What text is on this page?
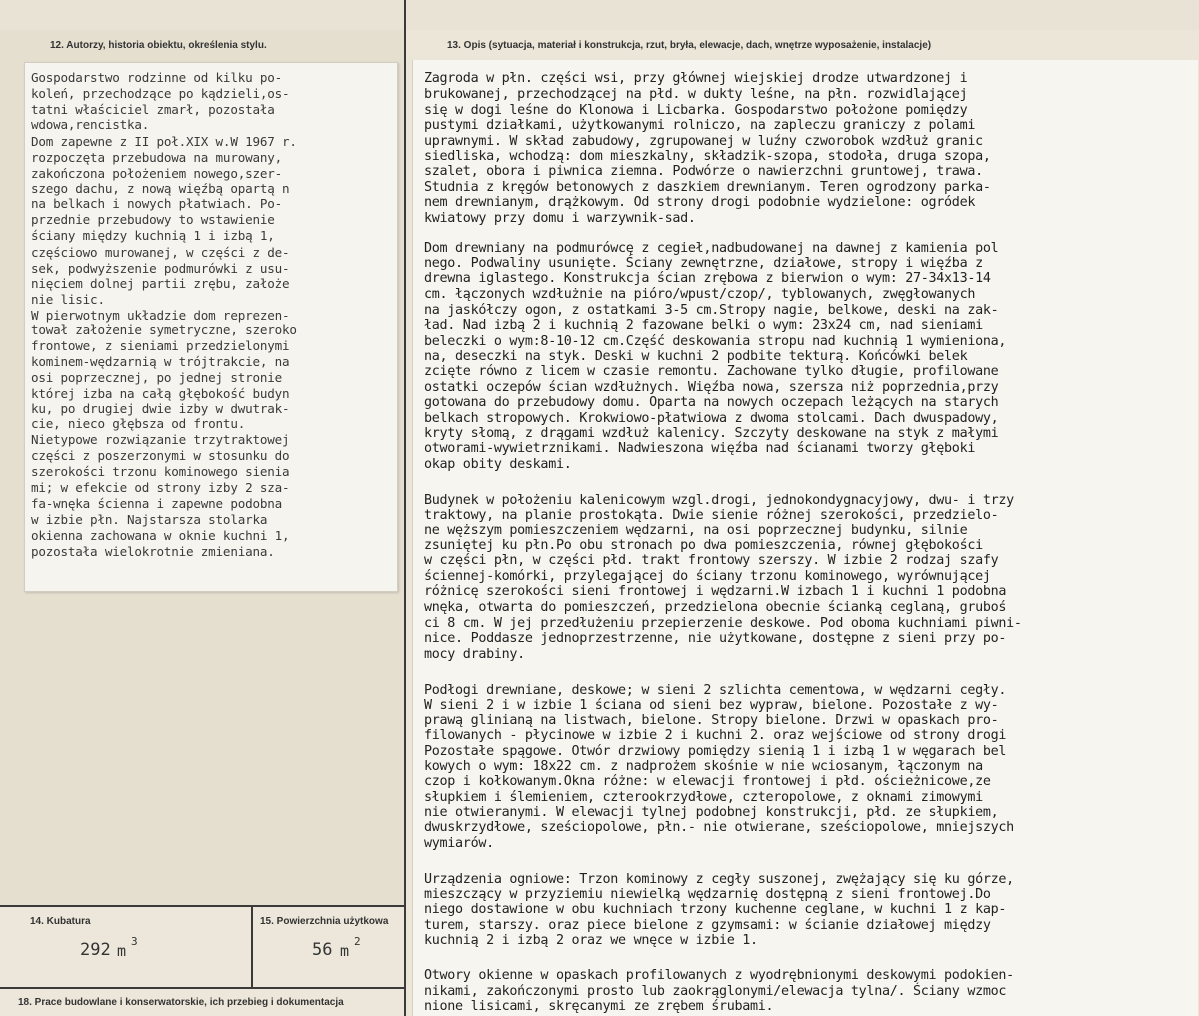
12. Autorzy, historia obiektu, określenia stylu.	13. Opis (sytuacja, materiał i konstrukcja, rzut, bryła, elewacje, dach, wnętrze wyposażenie, instalacje)
Gospodarstwo rodzinne od kilku po-
koleń, przechodzące po kądzieli,os-
tatni właściciel zmarł, pozostała
wdowa,rencistka.
Dom zapewne z II poł.XIX w.W 1967 r.
rozpoczęta przebudowa na murowany,
zakończona położeniem nowego,szer-
szego dachu, z nową więźbą opartą n
na belkach i nowych płatwiach. Po-
przednie przebudowy to wstawienie
ściany między kuchnią 1 i izbą 1,
częściowo murowanej, w części z de-
sek, podwyższenie podmurówki z usu-
nięciem dolnej partii zrębu, założe
nie lisic.
W pierwotnym układzie dom reprezen-
tował założenie symetryczne, szeroko
frontowe, z sieniami przedzielonymi
kominem-wędzarnią w trójtrakcie, na
osi poprzecznej, po jednej stronie
której izba na całą głębokość budyn
ku, po drugiej dwie izby w dwutrak-
cie, nieco głębsza od frontu.
Nietypowe rozwiązanie trzytraktowej
części z poszerzonymi w stosunku do
szerokości trzonu kominowego sienia
mi; w efekcie od strony izby 2 sza-
fa-wnęka ścienna i zapewne podobna
w izbie płn. Najstarsza stolarka
okienna zachowana w oknie kuchni 1,
pozostała wielokrotnie zmieniana.
Zagroda w płn. części wsi, przy głównej wiejskiej drodze utwardzonej i
brukowanej, przechodzącej na płd. w dukty leśne, na płn. rozwidlającej
się w dogi leśne do Klonowa i Licbarka. Gospodarstwo położone pomiędzy
pustymi działkami, użytkowanymi rolniczo, na zapleczu graniczy z polami
uprawnymi. W skład zabudowy, zgrupowanej w luźny czworobok wzdłuż granic
siedliska, wchodzą: dom mieszkalny, składzik-szopa, stodoła, druga szopa,
szalet, obora i piwnica ziemna. Podwórze o nawierzchni gruntowej, trawa.
Studnia z kręgów betonowych z daszkiem drewnianym. Teren ogrodzony parka-
nem drewnianym, drążkowym. Od strony drogi podobnie wydzielone: ogródek
kwiatowy przy domu i warzywnik-sad.
Dom drewniany na podmurówcę z cegieł,nadbudowanej na dawnej z kamienia pol
nego. Podwaliny usunięte. Ściany zewnętrzne, działowe, stropy i więźba z
drewna iglastego. Konstrukcja ścian zrębowa z bierwion o wym: 27-34x13-14
cm. łączonych wzdłużnie na pióro/wpust/czop/, tyblowanych, zwęgłowanych
na jaskółczy ogon, z ostatkami 3-5 cm.Stropy nagie, belkowe, deski na zak-
ład. Nad izbą 2 i kuchnią 2 fazowane belki o wym: 23x24 cm, nad sieniami
beleczki o wym:8-10-12 cm.Część deskowania stropu nad kuchnią 1 wymieniona,
na, deseczki na styk. Deski w kuchni 2 podbite tekturą. Końcówki belek
zcięte równo z licem w czasie remontu. Zachowane tylko długie, profilowane
ostatki oczepów ścian wzdłużnych. Więźba nowa, szersza niż poprzednia,przy
gotowana do przebudowy domu. Oparta na nowych oczepach leżących na starych
belkach stropowych. Krokwiowo-płatwiowa z dwoma stolcami. Dach dwuspadowy,
kryty słomą, z drągami wzdłuż kalenicy. Szczyty deskowane na styk z małymi
otworami-wywietrznikami. Nadwieszona więźba nad ścianami tworzy głęboki
okap obity deskami.
Budynek w położeniu kalenicowym wzgl.drogi, jednokondygnacyjowy, dwu- i trzy
traktowy, na planie prostokąta. Dwie sienie różnej szerokości, przedzielo-
ne węższym pomieszczeniem wędzarni, na osi poprzecznej budynku, silnie
zsuniętej ku płn.Po obu stronach po dwa pomieszczenia, równej głębokości
w części płn, w części płd. trakt frontowy szerszy. W izbie 2 rodzaj szafy
ściennej-komórki, przylegającej do ściany trzonu kominowego, wyrównującej
różnicę szerokości sieni frontowej i wędzarni.W izbach 1 i kuchni 1 podobna
wnęka, otwarta do pomieszczeń, przedzielona obecnie ścianką ceglaną, gruboś
ci 8 cm. W jej przedłużeniu przepierzenie deskowe. Pod oboma kuchniami piwni-
nice. Poddasze jednoprzestrzenne, nie użytkowane, dostępne z sieni przy po-
mocy drabiny.
Podłogi drewniane, deskowe; w sieni 2 szlichta cementowa, w wędzarni cegły.
W sieni 2 i w izbie 1 ściana od sieni bez wypraw, bielone. Pozostałe z wy-
prawą glinianą na listwach, bielone. Stropy bielone. Drzwi w opaskach pro-
filowanych - płycinowe w izbie 2 i kuchni 2. oraz wejściowe od strony drogi
Pozostałe spągowe. Otwór drzwiowy pomiędzy sienią 1 i izbą 1 w węgarach bel
kowych o wym: 18x22 cm. z nadprożem skośnie w nie wciosanym, łączonym na
czop i kołkowanym.Okna różne: w elewacji frontowej i płd. ościeżnicowe,ze
słupkiem i ślemieniem, czterookrzydłowe, czteropolowe, z oknami zimowymi
nie otwieranymi. W elewacji tylnej podobnej konstrukcji, płd. ze słupkiem,
dwuskrzydłowe, sześciopolowe, płn.- nie otwierane, sześciopolowe, mniejszych
wymiarów.
Urządzenia ogniowe: Trzon kominowy z cegły suszonej, zwężający się ku górze,
mieszczący w przyziemiu niewielką wędzarnię dostępną z sieni frontowej.Do
niego dostawione w obu kuchniach trzony kuchenne ceglane, w kuchni 1 z kap-
turem, starszy. oraz piece bielone z gzymsami: w ścianie działowej między
kuchnią 2 i izbą 2 oraz we wnęce w izbie 1.
Otwory okienne w opaskach profilowanych z wyodrębnionymi deskowymi podokien-
nikami, zakończonymi prosto lub zaokrąglonymi/elewacja tylna/. Ściany wzmoc
nione lisicami, skręcanymi ze zrębem śrubami.
14. Kubatura
292 m
3
15. Powierzchnia użytkowa
56 m
2
18. Prace budowlane i konserwatorskie, ich przebieg i dokumentacja
